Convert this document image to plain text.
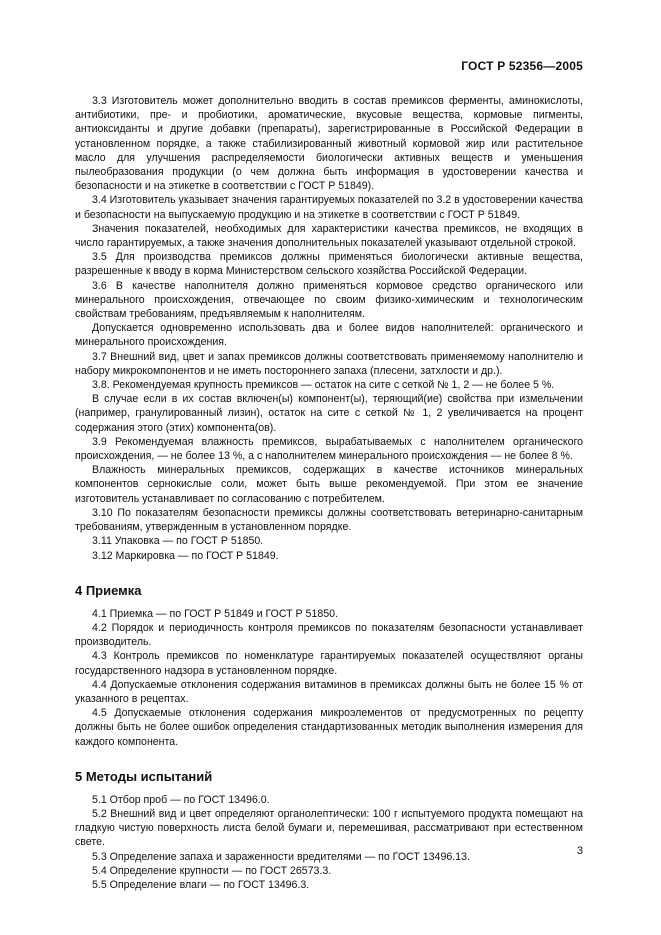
ГОСТ Р 52356—2005

3.3 Изготовитель может дополнительно вводить в состав премиксов ферменты, аминокислоты, антибиотики, пре- и пробиотики, ароматические, вкусовые вещества, кормовые пигменты, антиоксиданты и другие добавки (препараты), зарегистрированные в Российской Федерации в установленном порядке, а также стабилизированный животный кормовой жир или растительное масло для улучшения распределяемости биологически активных веществ и уменьшения пылеобразования продукции (о чем должна быть информация в удостоверении качества и безопасности и на этикетке в соответствии с ГОСТ Р 51849).

3.4 Изготовитель указывает значения гарантируемых показателей по 3.2 в удостоверении качества и безопасности на выпускаемую продукцию и на этикетке в соответствии с ГОСТ Р 51849.

Значения показателей, необходимых для характеристики качества премиксов, не входящих в число гарантируемых, а также значения дополнительных показателей указывают отдельной строкой.

3.5 Для производства премиксов должны применяться биологически активные вещества, разрешенные к вводу в корма Министерством сельского хозяйства Российской Федерации.

3.6 В качестве наполнителя должно применяться кормовое средство органического или минерального происхождения, отвечающее по своим физико-химическим и технологическим свойствам требованиям, предъявляемым к наполнителям.

Допускается одновременно использовать два и более видов наполнителей: органического и минерального происхождения.

3.7 Внешний вид, цвет и запах премиксов должны соответствовать применяемому наполнителю и набору микрокомпонентов и не иметь постороннего запаха (плесени, затхлости и др.).

3.8. Рекомендуемая крупность премиксов — остаток на сите с сеткой № 1, 2 — не более 5 %.

В случае если в их состав включен(ы) компонент(ы), теряющий(ие) свойства при измельчении (например, гранулированный лизин), остаток на сите с сеткой № 1, 2 увеличивается на процент содержания этого (этих) компонента(ов).

3.9 Рекомендуемая влажность премиксов, вырабатываемых с наполнителем органического происхождения, — не более 13 %, а с наполнителем минерального происхождения — не более 8 %.

Влажность минеральных премиксов, содержащих в качестве источников минеральных компонентов сернокислые соли, может быть выше рекомендуемой. При этом ее значение изготовитель устанавливает по согласованию с потребителем.

3.10 По показателям безопасности премиксы должны соответствовать ветеринарно-санитарным требованиям, утвержденным в установленном порядке.

3.11 Упаковка — по ГОСТ Р 51850.

3.12 Маркировка — по ГОСТ Р 51849.

4 Приемка

4.1 Приемка — по ГОСТ Р 51849 и ГОСТ Р 51850.

4.2 Порядок и периодичность контроля премиксов по показателям безопасности устанавливает производитель.

4.3 Контроль премиксов по номенклатуре гарантируемых показателей осуществляют органы государственного надзора в установленном порядке.

4.4 Допускаемые отклонения содержания витаминов в премиксах должны быть не более 15 % от указанного в рецептах.

4.5 Допускаемые отклонения содержания микроэлементов от предусмотренных по рецепту должны быть не более ошибок определения стандартизованных методик выполнения измерения для каждого компонента.

5 Методы испытаний

5.1 Отбор проб — по ГОСТ 13496.0.

5.2 Внешний вид и цвет определяют органолептически: 100 г испытуемого продукта помещают на гладкую чистую поверхность листа белой бумаги и, перемешивая, рассматривают при естественном свете.

5.3 Определение запаха и зараженности вредителями — по ГОСТ 13496.13.

5.4 Определение крупности — по ГОСТ 26573.3.

5.5 Определение влаги — по ГОСТ 13496.3.

3
